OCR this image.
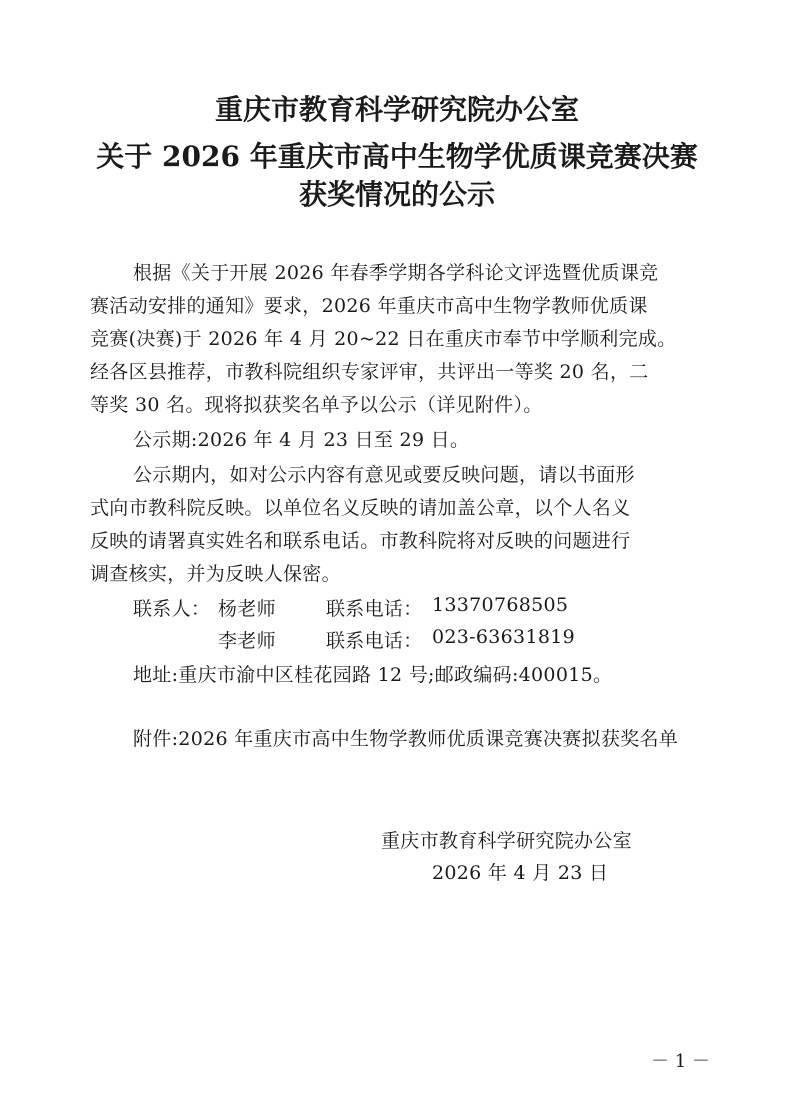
重庆市教育科学研究院办公室
关于 2026 年重庆市高中生物学优质课竞赛决赛
获奖情况的公示
根据《关于开展 2026 年春季学期各学科论文评选暨优质课竞
赛活动安排的通知》要求，2026 年重庆市高中生物学教师优质课
竞赛(决赛)于 2026 年 4 月 20~22 日在重庆市奉节中学顺利完成。
经各区县推荐，市教科院组织专家评审，共评出一等奖 20 名，二
等奖 30 名。现将拟获奖名单予以公示（详见附件）。
公示期:2026 年 4 月 23 日至 29 日。
公示期内，如对公示内容有意见或要反映问题，请以书面形
式向市教科院反映。以单位名义反映的请加盖公章，以个人名义
反映的请署真实姓名和联系电话。市教科院将对反映的问题进行
调查核实，并为反映人保密。
联系人： 杨老师	联系电话： 13370768505
李老师	联系电话： 023-63631819
地址:重庆市渝中区桂花园路 12 号;邮政编码:400015。
附件:2026 年重庆市高中生物学教师优质课竞赛决赛拟获奖名单
重庆市教育科学研究院办公室
2026 年 4 月 23 日
－ 1 －
